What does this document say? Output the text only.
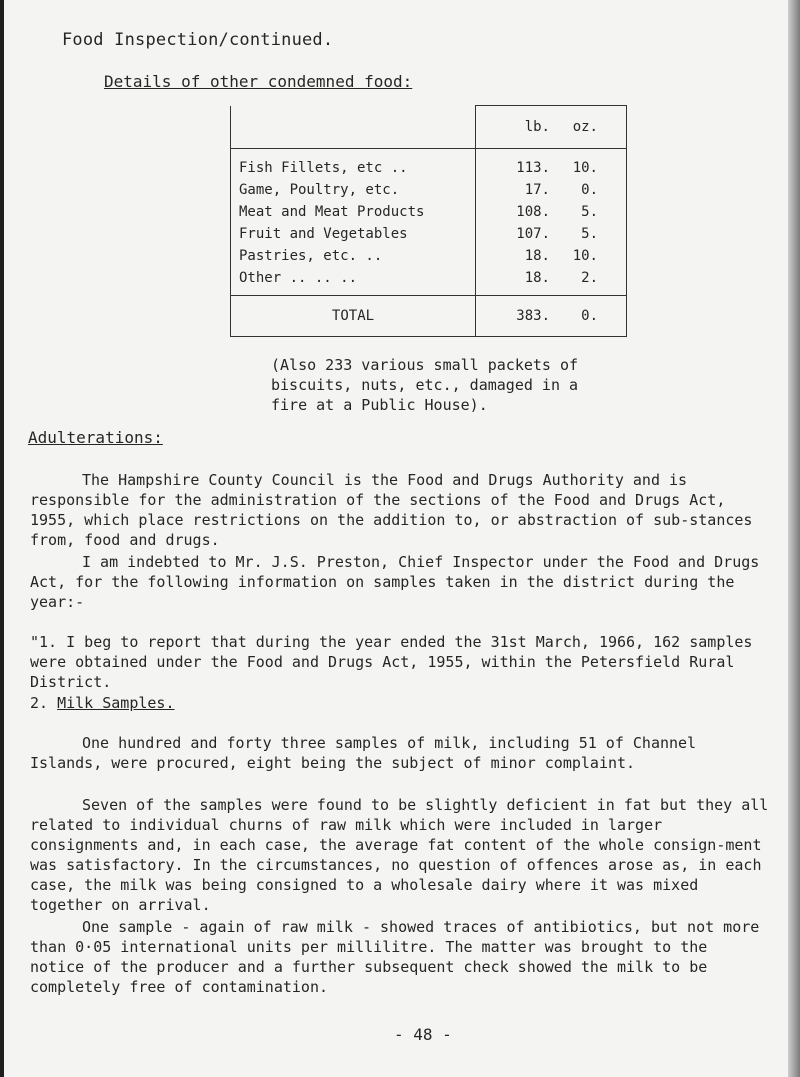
Food Inspection/continued.
Details of other condemned food:
	lb.	oz.
Fish Fillets, etc ..	113.	10.
Game, Poultry, etc.	17.	0.
Meat and Meat Products	108.	5.
Fruit and Vegetables	107.	5.
Pastries, etc. ..	18.	10.
Other .. .. ..	18.	2.
TOTAL	383.	0.
(Also 233 various small packets of biscuits, nuts, etc., damaged in a fire at a Public House).
Adulterations:
The Hampshire County Council is the Food and Drugs Authority and is responsible for the administration of the sections of the Food and Drugs Act, 1955, which place restrictions on the addition to, or abstraction of sub-stances from, food and drugs.
I am indebted to Mr. J.S. Preston, Chief Inspector under the Food and Drugs Act, for the following information on samples taken in the district during the year:-
"1. I beg to report that during the year ended the 31st March, 1966, 162 samples were obtained under the Food and Drugs Act, 1955, within the Petersfield Rural District.
2. Milk Samples.
One hundred and forty three samples of milk, including 51 of Channel Islands, were procured, eight being the subject of minor complaint.
Seven of the samples were found to be slightly deficient in fat but they all related to individual churns of raw milk which were included in larger consignments and, in each case, the average fat content of the whole consign-ment was satisfactory. In the circumstances, no question of offences arose as, in each case, the milk was being consigned to a wholesale dairy where it was mixed together on arrival.
One sample - again of raw milk - showed traces of antibiotics, but not more than 0·05 international units per millilitre. The matter was brought to the notice of the producer and a further subsequent check showed the milk to be completely free of contamination.
- 48 -
